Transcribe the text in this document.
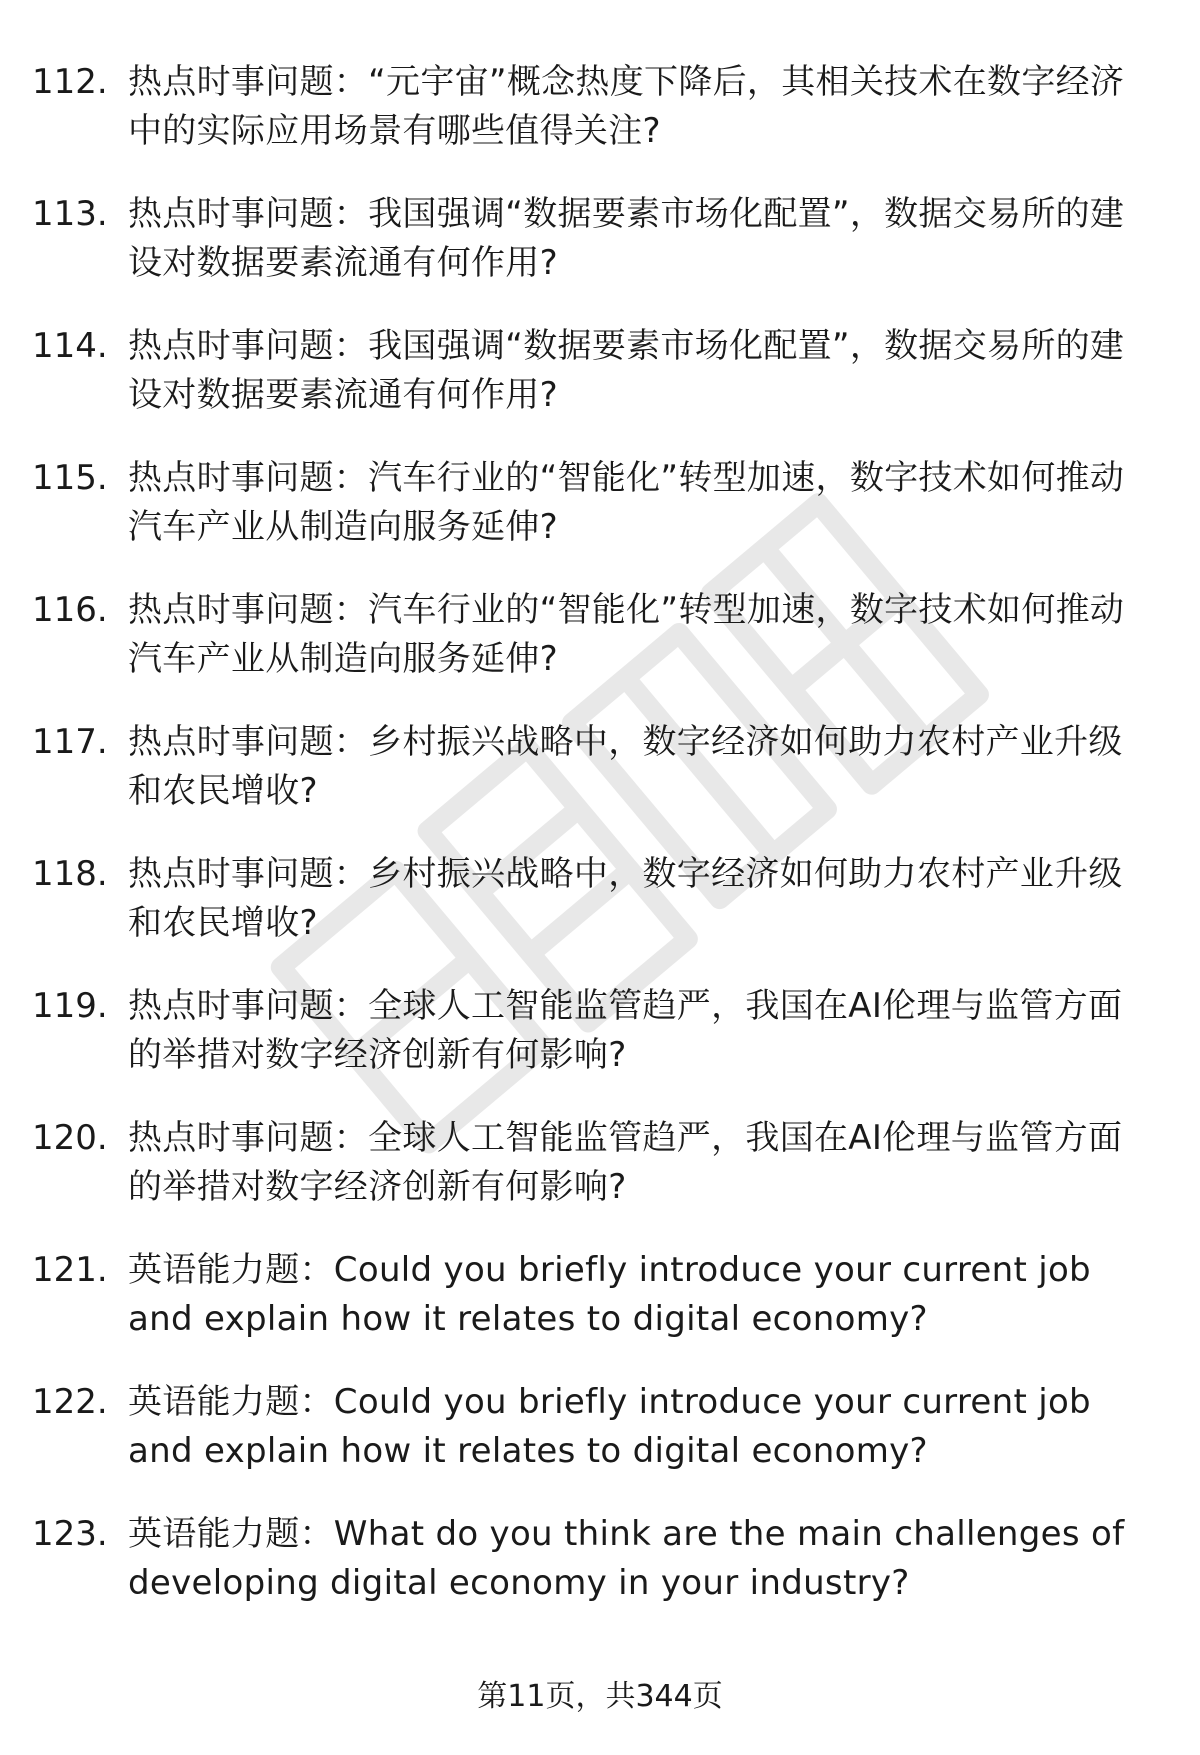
112. 热点时事问题：“元宇宙”概念热度下降后，其相关技术在数字经济中的实际应用场景有哪些值得关注?
113. 热点时事问题：我国强调“数据要素市场化配置”，数据交易所的建设对数据要素流通有何作用?
114. 热点时事问题：我国强调“数据要素市场化配置”，数据交易所的建设对数据要素流通有何作用?
115. 热点时事问题：汽车行业的“智能化”转型加速，数字技术如何推动汽车产业从制造向服务延伸?
116. 热点时事问题：汽车行业的“智能化”转型加速，数字技术如何推动汽车产业从制造向服务延伸?
117. 热点时事问题：乡村振兴战略中，数字经济如何助力农村产业升级和农民增收?
118. 热点时事问题：乡村振兴战略中，数字经济如何助力农村产业升级和农民增收?
119. 热点时事问题：全球人工智能监管趋严，我国在AI伦理与监管方面的举措对数字经济创新有何影响?
120. 热点时事问题：全球人工智能监管趋严，我国在AI伦理与监管方面的举措对数字经济创新有何影响?
121. 英语能力题：Could you briefly introduce your current job and explain how it relates to digital economy?
122. 英语能力题：Could you briefly introduce your current job and explain how it relates to digital economy?
123. 英语能力题：What do you think are the main challenges of developing digital economy in your industry?
第11页，共344页
